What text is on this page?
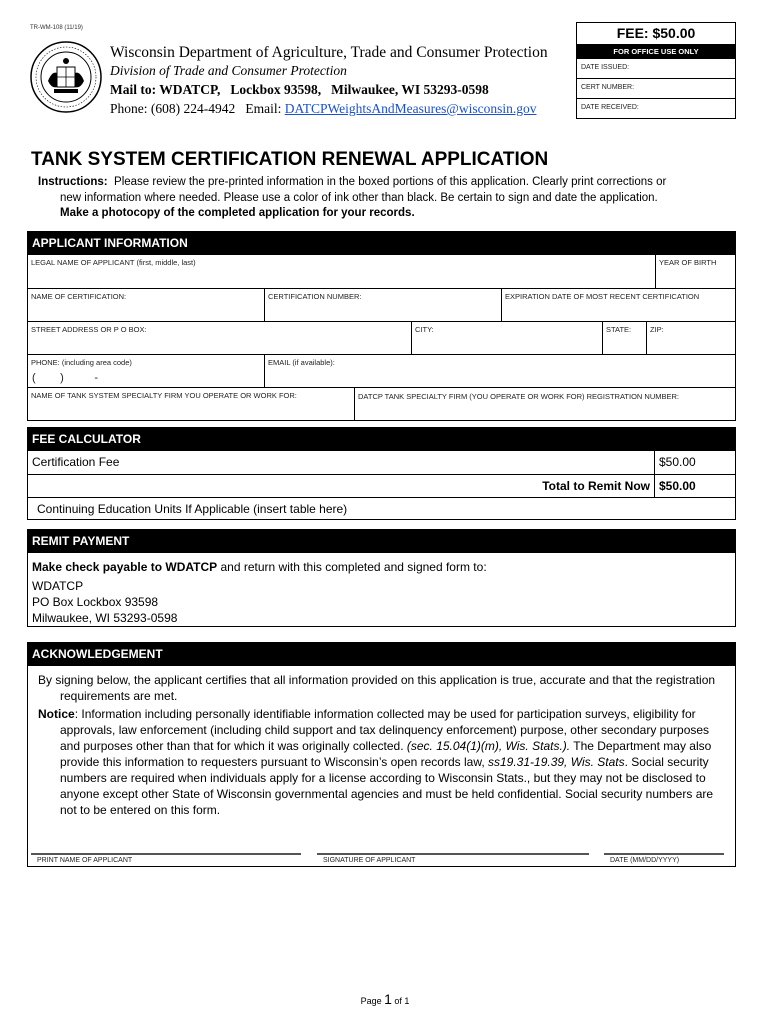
TR-WM-108 (11/19)
Wisconsin Department of Agriculture, Trade and Consumer Protection
Division of Trade and Consumer Protection
Mail to: WDATCP, Lockbox 93598, Milwaukee, WI 53293-0598
Phone: (608) 224-4942 Email: DATCPWeightsAndMeasures@wisconsin.gov
FEE: $50.00
FOR OFFICE USE ONLY
DATE ISSUED:
CERT NUMBER:
DATE RECEIVED:
TANK SYSTEM CERTIFICATION RENEWAL APPLICATION
Instructions: Please review the pre-printed information in the boxed portions of this application. Clearly print corrections or
new information where needed. Please use a color of ink other than black. Be certain to sign and date the application.
Make a photocopy of the completed application for your records.
APPLICANT INFORMATION
LEGAL NAME OF APPLICANT (first, middle, last)	YEAR OF BIRTH
NAME OF CERTIFICATION:	CERTIFICATION NUMBER:	EXPIRATION DATE OF MOST RECENT CERTIFICATION
STREET ADDRESS OR P O BOX:	CITY:	STATE:	ZIP:
PHONE: (including area code)
(        )          -
EMAIL (if available):
NAME OF TANK SYSTEM SPECIALTY FIRM YOU OPERATE OR WORK FOR:	DATCP TANK SPECIALTY FIRM (YOU OPERATE OR WORK FOR) REGISTRATION NUMBER:
FEE CALCULATOR
Certification Fee	$50.00
Total to Remit Now $50.00
Continuing Education Units If Applicable (insert table here)
REMIT PAYMENT
Make check payable to WDATCP and return with this completed and signed form to:
WDATCP
PO Box Lockbox 93598
Milwaukee, WI 53293-0598
ACKNOWLEDGEMENT

By signing below, the applicant certifies that all information provided on this application is true, accurate and that the registration requirements are met.

Notice: Information including personally identifiable information collected may be used for participation surveys, eligibility for approvals, law enforcement (including child support and tax delinquency enforcement) purpose, other secondary purposes and purposes other than that for which it was originally collected. (sec. 15.04(1)(m), Wis. Stats.). The Department may also provide this information to requesters pursuant to Wisconsin’s open records law, ss19.31-19.39, Wis. Stats. Social security numbers are required when individuals apply for a license according to Wisconsin Stats., but they may not be disclosed to anyone except other State of Wisconsin governmental agencies and must be held confidential. Social security numbers are not to be entered on this form.

PRINT NAME OF APPLICANT	SIGNATURE OF APPLICANT	DATE (MM/DD/YYYY)
Page 1 of 1
